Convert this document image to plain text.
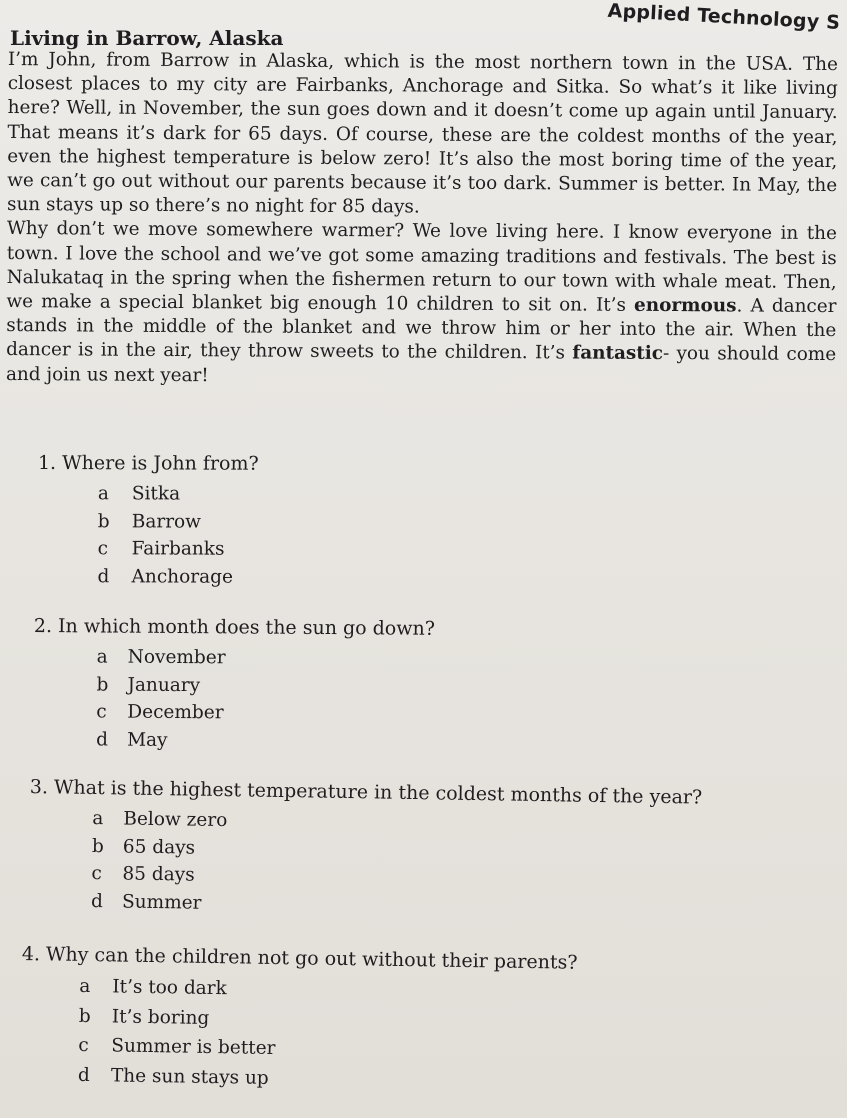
Applied Technology S
Living in Barrow, Alaska

I’m John, from Barrow in Alaska, which is the most northern town in the USA. The closest places to my city are Fairbanks, Anchorage and Sitka. So what’s it like living here? Well, in November, the sun goes down and it doesn’t come up again until January. That means it’s dark for 65 days. Of course, these are the coldest months of the year, even the highest temperature is below zero! It’s also the most boring time of the year, we can’t go out without our parents because it’s too dark. Summer is better. In May, the sun stays up so there’s no night for 85 days.

Why don’t we move somewhere warmer? We love living here. I know everyone in the town. I love the school and we’ve got some amazing traditions and festivals. The best is Nalukataq in the spring when the fishermen return to our town with whale meat. Then, we make a special blanket big enough 10 children to sit on. It’s enormous. A dancer stands in the middle of the blanket and we throw him or her into the air. When the dancer is in the air, they throw sweets to the children. It’s fantastic- you should come and join us next year!

1. Where is John from?
a Sitka
b Barrow
c Fairbanks
d Anchorage
2. In which month does the sun go down?
a November
b January
c December
d May
3. What is the highest temperature in the coldest months of the year?
a Below zero
b 65 days
c 85 days
d Summer
4. Why can the children not go out without their parents?
a It’s too dark
b It’s boring
c Summer is better
d The sun stays up
